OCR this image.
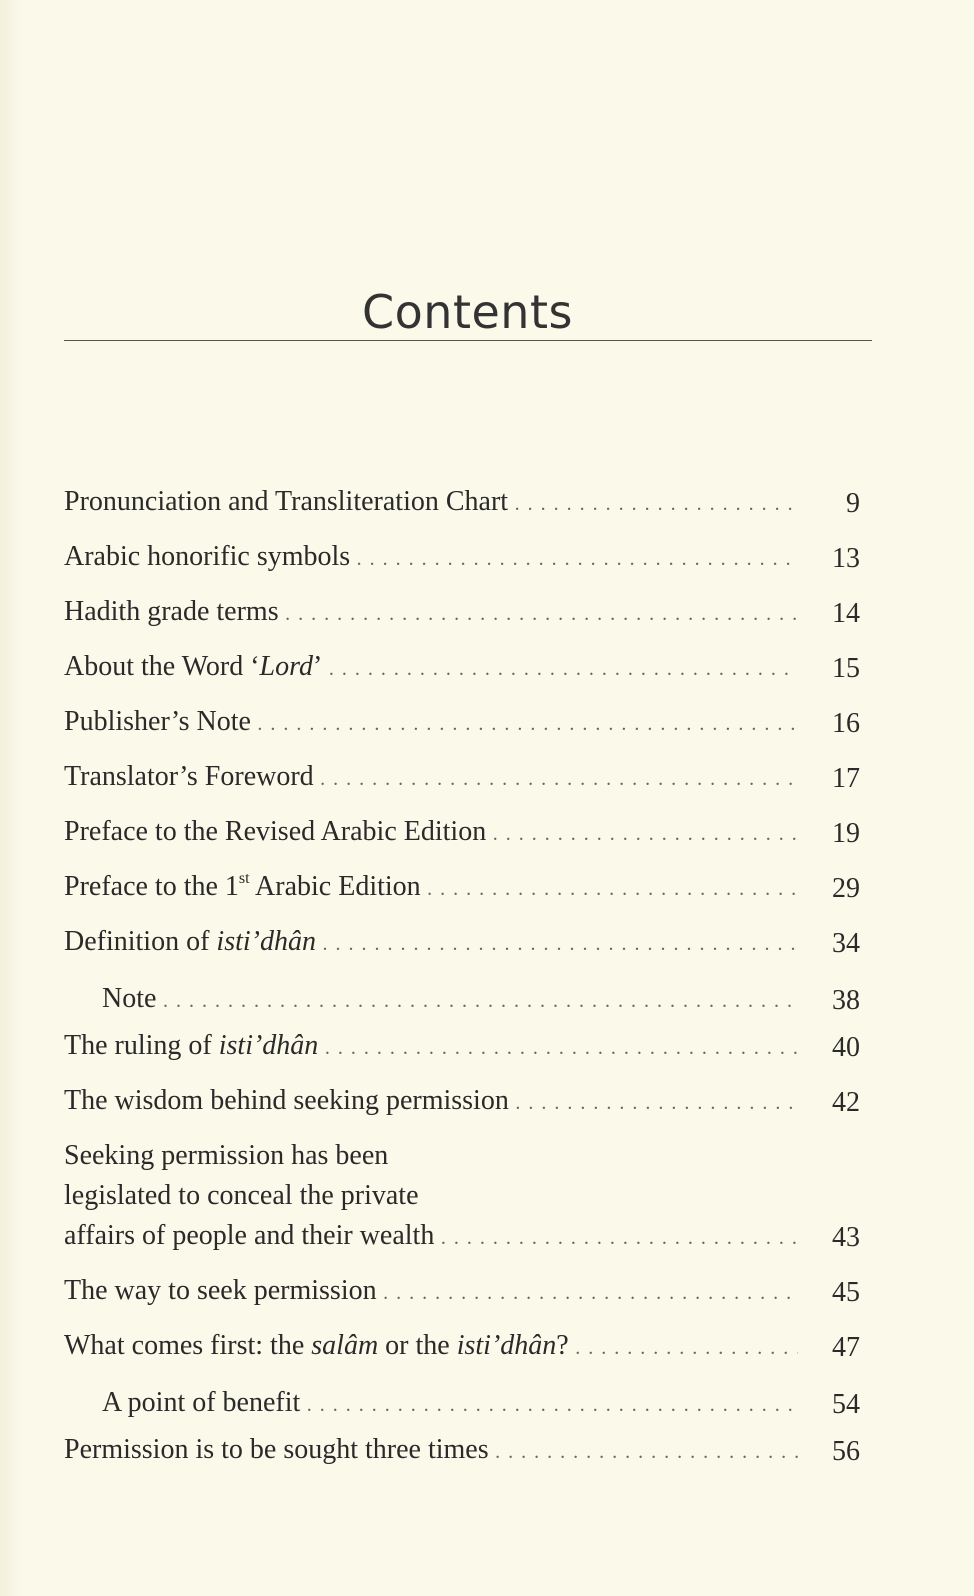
Contents
Pronunciation and Transliteration Chart . . .	9
Arabic honorific symbols . . .	13
Hadith grade terms . . .	14
About the Word ‘Lord’ . . .	15
Publisher’s Note . . .	16
Translator’s Foreword . . .	17
Preface to the Revised Arabic Edition . . .	19
Preface to the 1st Arabic Edition . . .	29
Definition of isti’dhân . . .	34
Note . . .	38
The ruling of isti’dhân . . .	40
The wisdom behind seeking permission . . .	42
Seeking permission has been
legislated to conceal the private
affairs of people and their wealth . . .	43
The way to seek permission . . .	45
What comes first: the salâm or the isti’dhân? . . .	47
A point of benefit . . .	54
Permission is to be sought three times . . .	56
